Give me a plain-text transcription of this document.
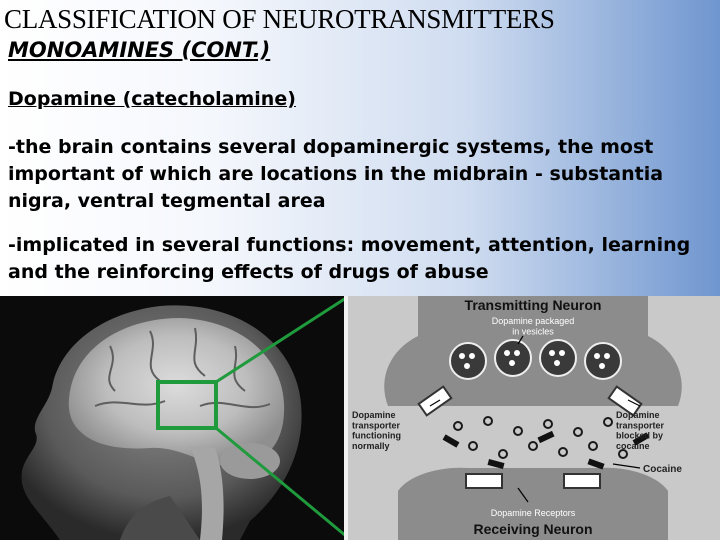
CLASSIFICATION OF NEUROTRANSMITTERS
MONOAMINES (CONT.)
Dopamine (catecholamine)

-the brain contains several dopaminergic systems, the most important of which are locations in the midbrain - substantia nigra, ventral tegmental area

-implicated in several functions: movement, attention, learning and the reinforcing effects of drugs of abuse

Transmitting Neuron
Dopamine packaged in vesicles
Dopamine transporter functioning normally
Dopamine transporter blocked by cocaine
Cocaine
Dopamine Receptors
Receiving Neuron
